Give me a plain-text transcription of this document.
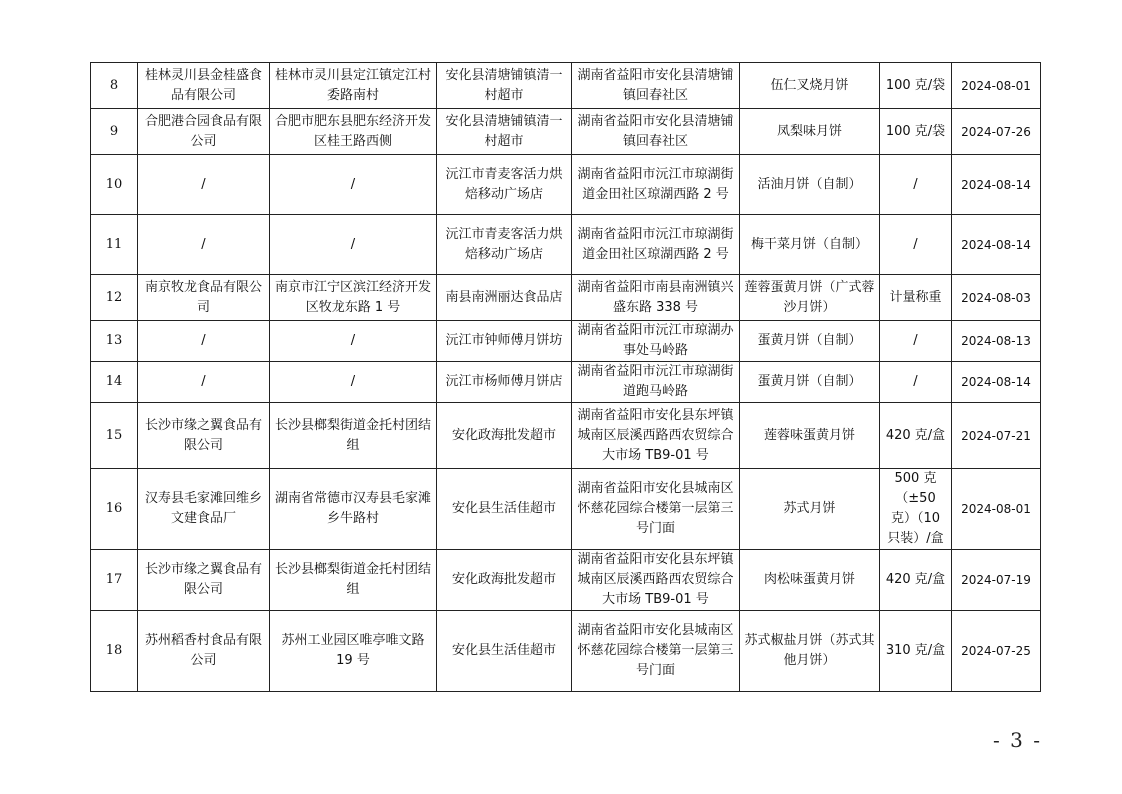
8	桂林灵川县金桂盛食品有限公司	桂林市灵川县定江镇定江村委路南村	安化县清塘铺镇清一村超市	湖南省益阳市安化县清塘铺镇回春社区	伍仁叉烧月饼	100 克/袋	2024-08-01
9	合肥港合园食品有限公司	合肥市肥东县肥东经济开发区桂王路西侧	安化县清塘铺镇清一村超市	湖南省益阳市安化县清塘铺镇回春社区	凤梨味月饼	100 克/袋	2024-07-26
10	/	/	沅江市青麦客活力烘焙移动广场店	湖南省益阳市沅江市琼湖街道金田社区琼湖西路 2 号	活油月饼（自制）	/	2024-08-14
11	/	/	沅江市青麦客活力烘焙移动广场店	湖南省益阳市沅江市琼湖街道金田社区琼湖西路 2 号	梅干菜月饼（自制）	/	2024-08-14
12	南京牧龙食品有限公司	南京市江宁区滨江经济开发区牧龙东路 1 号	南县南洲丽达食品店	湖南省益阳市南县南洲镇兴盛东路 338 号	莲蓉蛋黄月饼（广式蓉沙月饼）	计量称重	2024-08-03
13	/	/	沅江市钟师傅月饼坊	湖南省益阳市沅江市琼湖办事处马岭路	蛋黄月饼（自制）	/	2024-08-13
14	/	/	沅江市杨师傅月饼店	湖南省益阳市沅江市琼湖街道跑马岭路	蛋黄月饼（自制）	/	2024-08-14
15	长沙市缘之翼食品有限公司	长沙县榔梨街道金托村团结组	安化政海批发超市	湖南省益阳市安化县东坪镇城南区辰溪西路西农贸综合大市场 TB9-01 号	莲蓉味蛋黄月饼	420 克/盒	2024-07-21
16	汉寿县毛家滩回维乡文建食品厂	湖南省常德市汉寿县毛家滩乡牛路村	安化县生活佳超市	湖南省益阳市安化县城南区怀慈花园综合楼第一层第三号门面	苏式月饼	500 克（±50 克）（10 只装）/盒	2024-08-01
17	长沙市缘之翼食品有限公司	长沙县榔梨街道金托村团结组	安化政海批发超市	湖南省益阳市安化县东坪镇城南区辰溪西路西农贸综合大市场 TB9-01 号	肉松味蛋黄月饼	420 克/盒	2024-07-19
18	苏州稻香村食品有限公司	苏州工业园区唯亭唯文路 19 号	安化县生活佳超市	湖南省益阳市安化县城南区怀慈花园综合楼第一层第三号门面	苏式椒盐月饼（苏式其他月饼）	310 克/盒	2024-07-25
- 3 -
